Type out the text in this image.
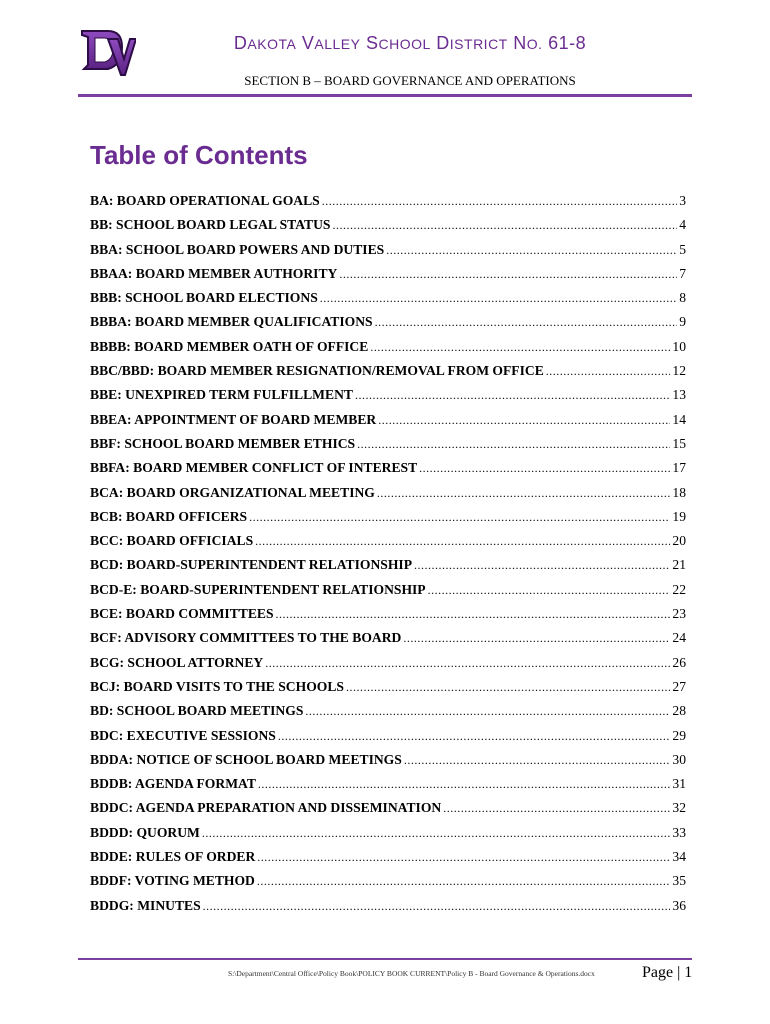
DAKOTA VALLEY SCHOOL DISTRICT NO. 61-8
SECTION B – BOARD GOVERNANCE AND OPERATIONS
Table of Contents
BA: BOARD OPERATIONAL GOALS .....	3
BB: SCHOOL BOARD LEGAL STATUS .....	4
BBA: SCHOOL BOARD POWERS AND DUTIES .....	5
BBAA: BOARD MEMBER AUTHORITY .....	7
BBB: SCHOOL BOARD ELECTIONS .....	8
BBBA: BOARD MEMBER QUALIFICATIONS .....	9
BBBB: BOARD MEMBER OATH OF OFFICE .....	10
BBC/BBD: BOARD MEMBER RESIGNATION/REMOVAL FROM OFFICE .....	12
BBE: UNEXPIRED TERM FULFILLMENT .....	13
BBEA: APPOINTMENT OF BOARD MEMBER .....	14
BBF: SCHOOL BOARD MEMBER ETHICS .....	15
BBFA: BOARD MEMBER CONFLICT OF INTEREST .....	17
BCA: BOARD ORGANIZATIONAL MEETING .....	18
BCB: BOARD OFFICERS .....	19
BCC: BOARD OFFICIALS .....	20
BCD: BOARD-SUPERINTENDENT RELATIONSHIP .....	21
BCD-E: BOARD-SUPERINTENDENT RELATIONSHIP .....	22
BCE: BOARD COMMITTEES .....	23
BCF: ADVISORY COMMITTEES TO THE BOARD .....	24
BCG: SCHOOL ATTORNEY .....	26
BCJ: BOARD VISITS TO THE SCHOOLS .....	27
BD: SCHOOL BOARD MEETINGS .....	28
BDC: EXECUTIVE SESSIONS .....	29
BDDA: NOTICE OF SCHOOL BOARD MEETINGS .....	30
BDDB: AGENDA FORMAT .....	31
BDDC: AGENDA PREPARATION AND DISSEMINATION .....	32
BDDD: QUORUM .....	33
BDDE: RULES OF ORDER .....	34
BDDF: VOTING METHOD .....	35
BDDG: MINUTES .....	36
S:\Department\Central Office\Policy Book\POLICY BOOK CURRENT\Policy B - Board Governance & Operations.docx	Page | 1
